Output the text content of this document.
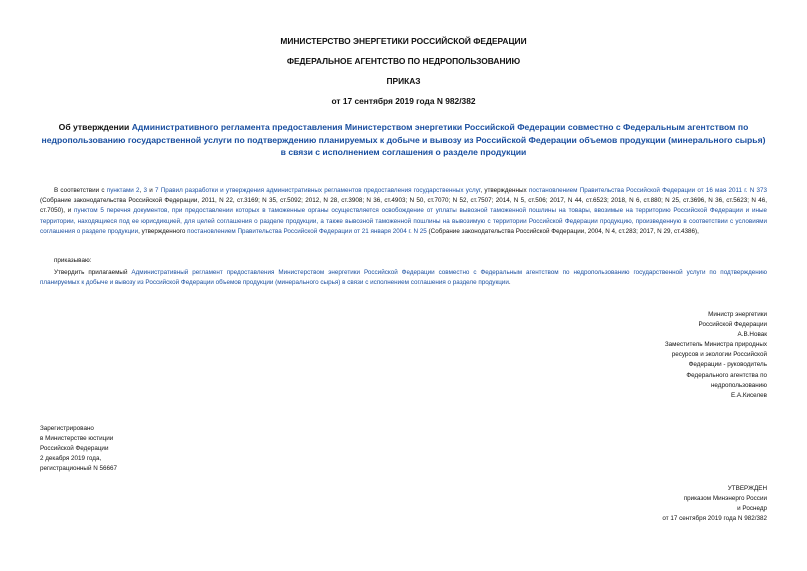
МИНИСТЕРСТВО ЭНЕРГЕТИКИ РОССИЙСКОЙ ФЕДЕРАЦИИ
ФЕДЕРАЛЬНОЕ АГЕНТСТВО ПО НЕДРОПОЛЬЗОВАНИЮ
ПРИКАЗ
от 17 сентября 2019 года N 982/382
Об утверждении Административного регламента предоставления Министерством энергетики Российской Федерации совместно с Федеральным агентством по недропользованию государственной услуги по подтверждению планируемых к добыче и вывозу из Российской Федерации объемов продукции (минерального сырья) в связи с исполнением соглашения о разделе продукции
В соответствии с пунктами 2, 3 и 7 Правил разработки и утверждения административных регламентов предоставления государственных услуг, утвержденных постановлением Правительства Российской Федерации от 16 мая 2011 г. N 373 (Собрание законодательства Российской Федерации, 2011, N 22, ст.3169; N 35, ст.5092; 2012, N 28, ст.3908; N 36, ст.4903; N 50, ст.7070; N 52, ст.7507; 2014, N 5, ст.506; 2017, N 44, ст.6523; 2018, N 6, ст.880; N 25, ст.3696, N 36, ст.5623; N 46, ст.7050), и пунктом 5 перечня документов, при предоставлении которых в таможенные органы осуществляется освобождение от уплаты вывозной таможенной пошлины на товары, ввозимые на территорию Российской Федерации и иные территории, находящиеся под ее юрисдикцией, для целей соглашения о разделе продукции, а также вывозной таможенной пошлины на вывозимую с территории Российской Федерации продукцию, произведенную в соответствии с условиями соглашения о разделе продукции, утвержденного постановлением Правительства Российской Федерации от 21 января 2004 г. N 25 (Собрание законодательства Российской Федерации, 2004, N 4, ст.283; 2017, N 29, ст.4386),
приказываю:
Утвердить прилагаемый Административный регламент предоставления Министерством энергетики Российской Федерации совместно с Федеральным агентством по недропользованию государственной услуги по подтверждению планируемых к добыче и вывозу из Российской Федерации объемов продукции (минерального сырья) в связи с исполнением соглашения о разделе продукции.
Министр энергетики
Российской Федерации
А.В.Новак
Заместитель Министра природных
ресурсов и экологии Российской
Федерации - руководитель
Федерального агентства по
недропользованию
Е.А.Киселев
Зарегистрировано
в Министерстве юстиции
Российской Федерации
2 декабря 2019 года,
регистрационный N 56667
УТВЕРЖДЕН
приказом Минэнерго России
и Роснедр
от 17 сентября 2019 года N 982/382
